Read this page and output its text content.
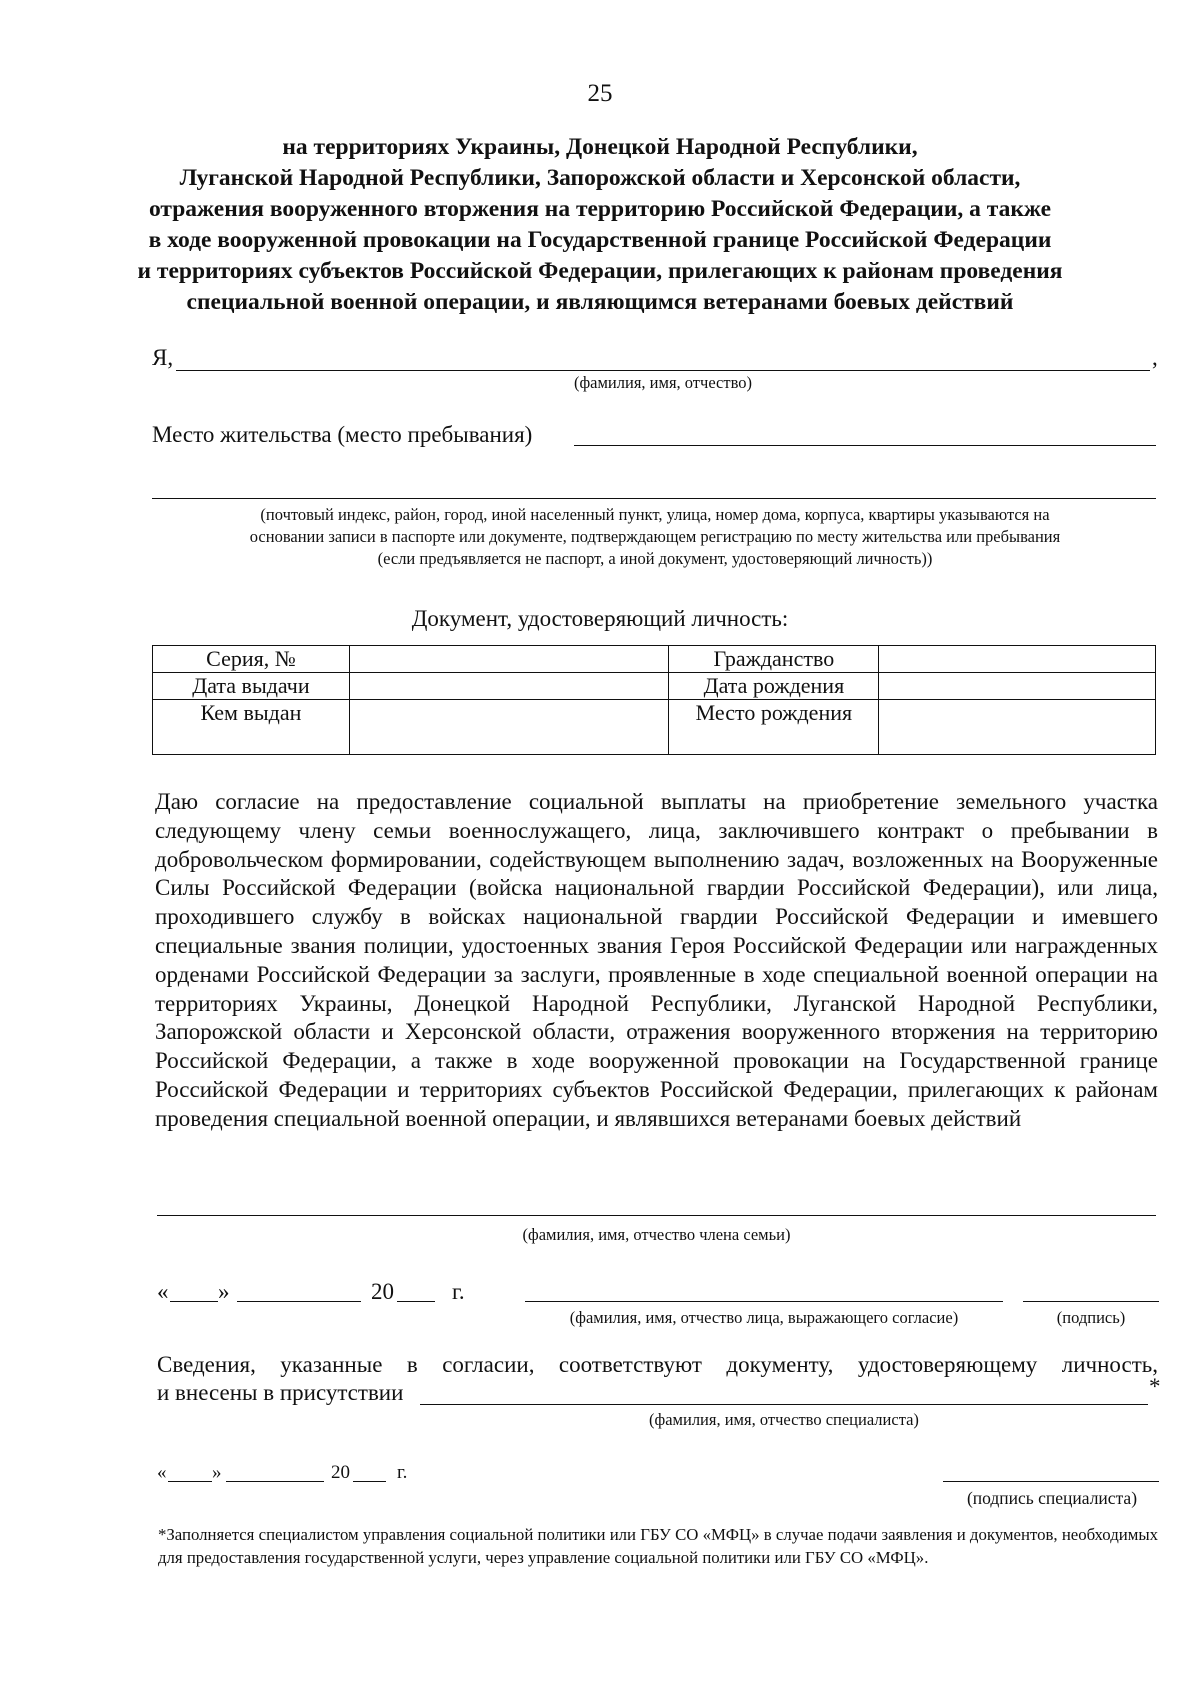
25
на территориях Украины, Донецкой Народной Республики,
Луганской Народной Республики, Запорожской области и Херсонской области,
отражения вооруженного вторжения на территорию Российской Федерации, а также
в ходе вооруженной провокации на Государственной границе Российской Федерации
и территориях субъектов Российской Федерации, прилегающих к районам проведения
специальной военной операции, и являющимся ветеранами боевых действий
Я,	,
(фамилия, имя, отчество)
Место жительства (место пребывания)
(почтовый индекс, район, город, иной населенный пункт, улица, номер дома, корпуса, квартиры указываются на
основании записи в паспорте или документе, подтверждающем регистрацию по месту жительства или пребывания
(если предъявляется не паспорт, а иной документ, удостоверяющий личность))
Документ, удостоверяющий личность:
Серия, №		Гражданство	
Дата выдачи		Дата рождения	
Кем выдан		Место рождения	
Даю согласие на предоставление социальной выплаты на приобретение земельного участка следующему члену семьи военнослужащего, лица, заключившего контракт о пребывании в добровольческом формировании, содействующем выполнению задач, возложенных на Вооруженные Силы Российской Федерации (войска национальной гвардии Российской Федерации), или лица, проходившего службу в войсках национальной гвардии Российской Федерации и имевшего специальные звания полиции, удостоенных звания Героя Российской Федерации или награжденных орденами Российской Федерации за заслуги, проявленные в ходе специальной военной операции на территориях Украины, Донецкой Народной Республики, Луганской Народной Республики, Запорожской области и Херсонской области, отражения вооруженного вторжения на территорию Российской Федерации, а также в ходе вооруженной провокации на Государственной границе Российской Федерации и территориях субъектов Российской Федерации, прилегающих к районам проведения специальной военной операции, и являвшихся ветеранами боевых действий
(фамилия, имя, отчество члена семьи)
« »	20	г.
(фамилия, имя, отчество лица, выражающего согласие)	(подпись)
Сведения, указанные в согласии, соответствуют документу, удостоверяющему личность,
и внесены в присутствии	*
(фамилия, имя, отчество специалиста)
« »	20 г.
(подпись специалиста)
*Заполняется специалистом управления социальной политики или ГБУ СО «МФЦ» в случае подачи заявления и документов, необходимых для предоставления государственной услуги, через управление социальной политики или ГБУ СО «МФЦ».
